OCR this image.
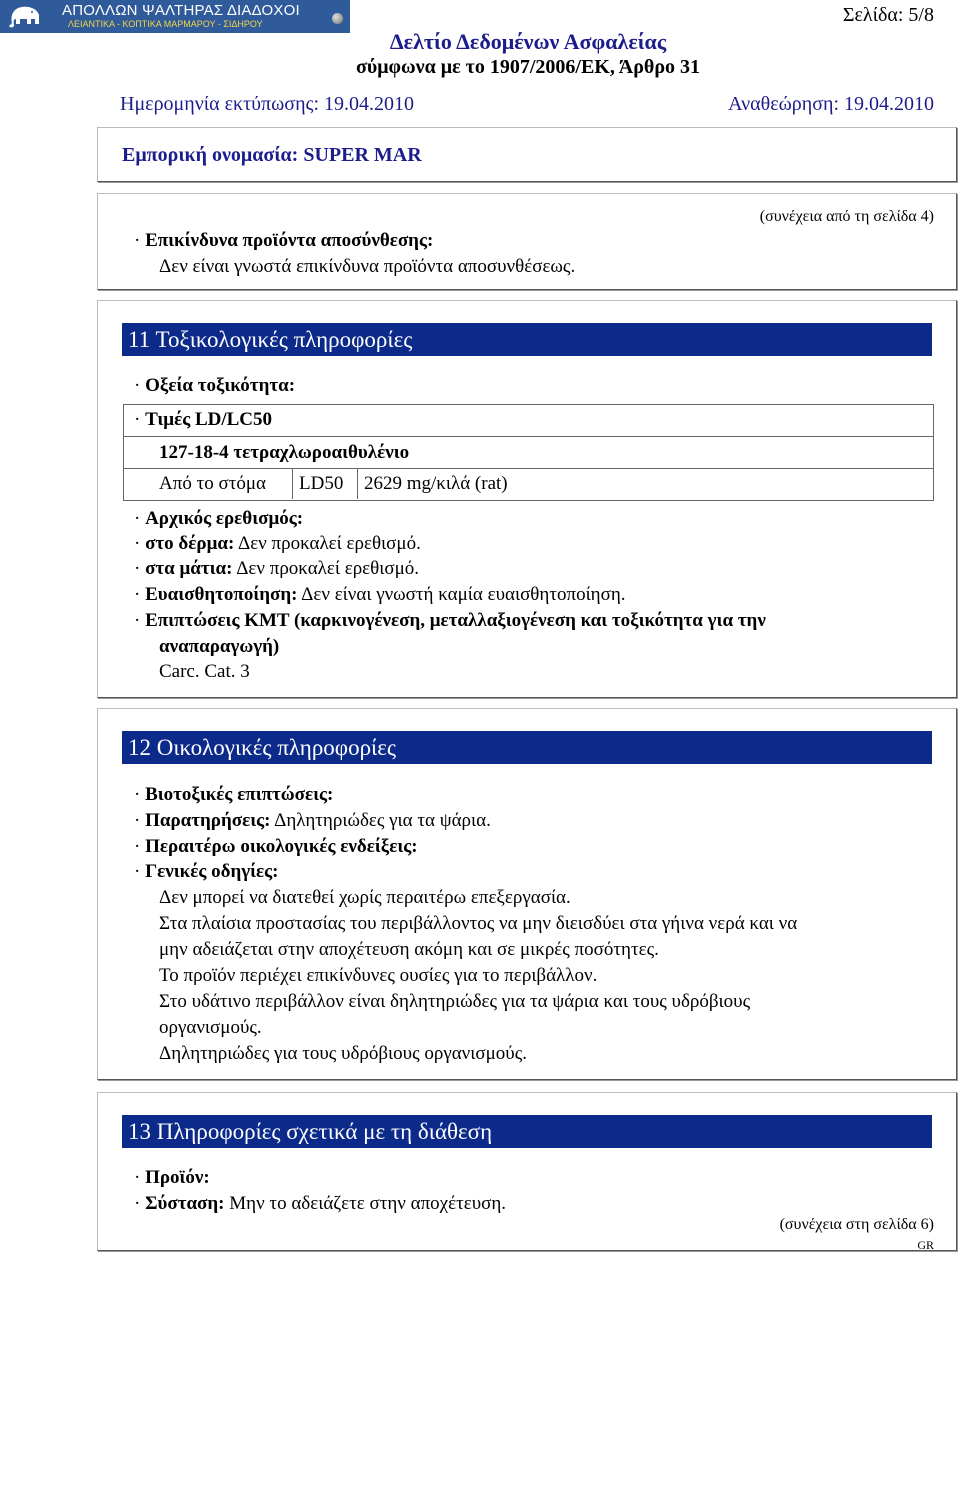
ΑΠΟΛΛΩΝ ΨΑΛΤΗΡΑΣ ΔΙΑΔΟΧΟΙ
ΛΕΙΑΝΤΙΚΑ - ΚΟΠΤΙΚΑ ΜΑΡΜΑΡΟΥ - ΣΙΔΗΡΟΥ	Σελίδα: 5/8
Δελτίο Δεδομένων Ασφαλείας
σύμφωνα με το 1907/2006/ΕΚ, Άρθρο 31
Ημερομηνία εκτύπωσης: 19.04.2010	Αναθεώρηση: 19.04.2010
Εμπορική ονομασία: SUPER MAR
(συνέχεια από τη σελίδα 4)
· Επικίνδυνα προϊόντα αποσύνθεσης:
Δεν είναι γνωστά επικίνδυνα προϊόντα αποσυνθέσεως.
11 Τοξικολογικές πληροφορίες
· Οξεία τοξικότητα:
· Τιμές LD/LC50
127-18-4 τετραχλωροαιθυλένιο
Από το στόμα LD50 2629 mg/κιλά (rat)
· Αρχικός ερεθισμός:
· στο δέρμα: Δεν προκαλεί ερεθισμό.
· στα μάτια: Δεν προκαλεί ερεθισμό.
· Ευαισθητοποίηση: Δεν είναι γνωστή καμία ευαισθητοποίηση.
· Επιπτώσεις ΚΜΤ (καρκινογένεση, μεταλλαξιογένεση και τοξικότητα για την
αναπαραγωγή)
Carc. Cat. 3
12 Οικολογικές πληροφορίες
· Βιοτοξικές επιπτώσεις:
· Παρατηρήσεις: Δηλητηριώδες για τα ψάρια.
· Περαιτέρω οικολογικές ενδείξεις:
· Γενικές οδηγίες:
Δεν μπορεί να διατεθεί χωρίς περαιτέρω επεξεργασία.
Στα πλαίσια προστασίας του περιβάλλοντος να μην διεισδύει στα γήινα νερά και να
μην αδειάζεται στην αποχέτευση ακόμη και σε μικρές ποσότητες.
Το προϊόν περιέχει επικίνδυνες ουσίες για το περιβάλλον.
Στο υδάτινο περιβάλλον είναι δηλητηριώδες για τα ψάρια και τους υδρόβιους
οργανισμούς.
Δηλητηριώδες για τους υδρόβιους οργανισμούς.
13 Πληροφορίες σχετικά με τη διάθεση
· Προϊόν:
· Σύσταση: Μην το αδειάζετε στην αποχέτευση.
(συνέχεια στη σελίδα 6)
GR
